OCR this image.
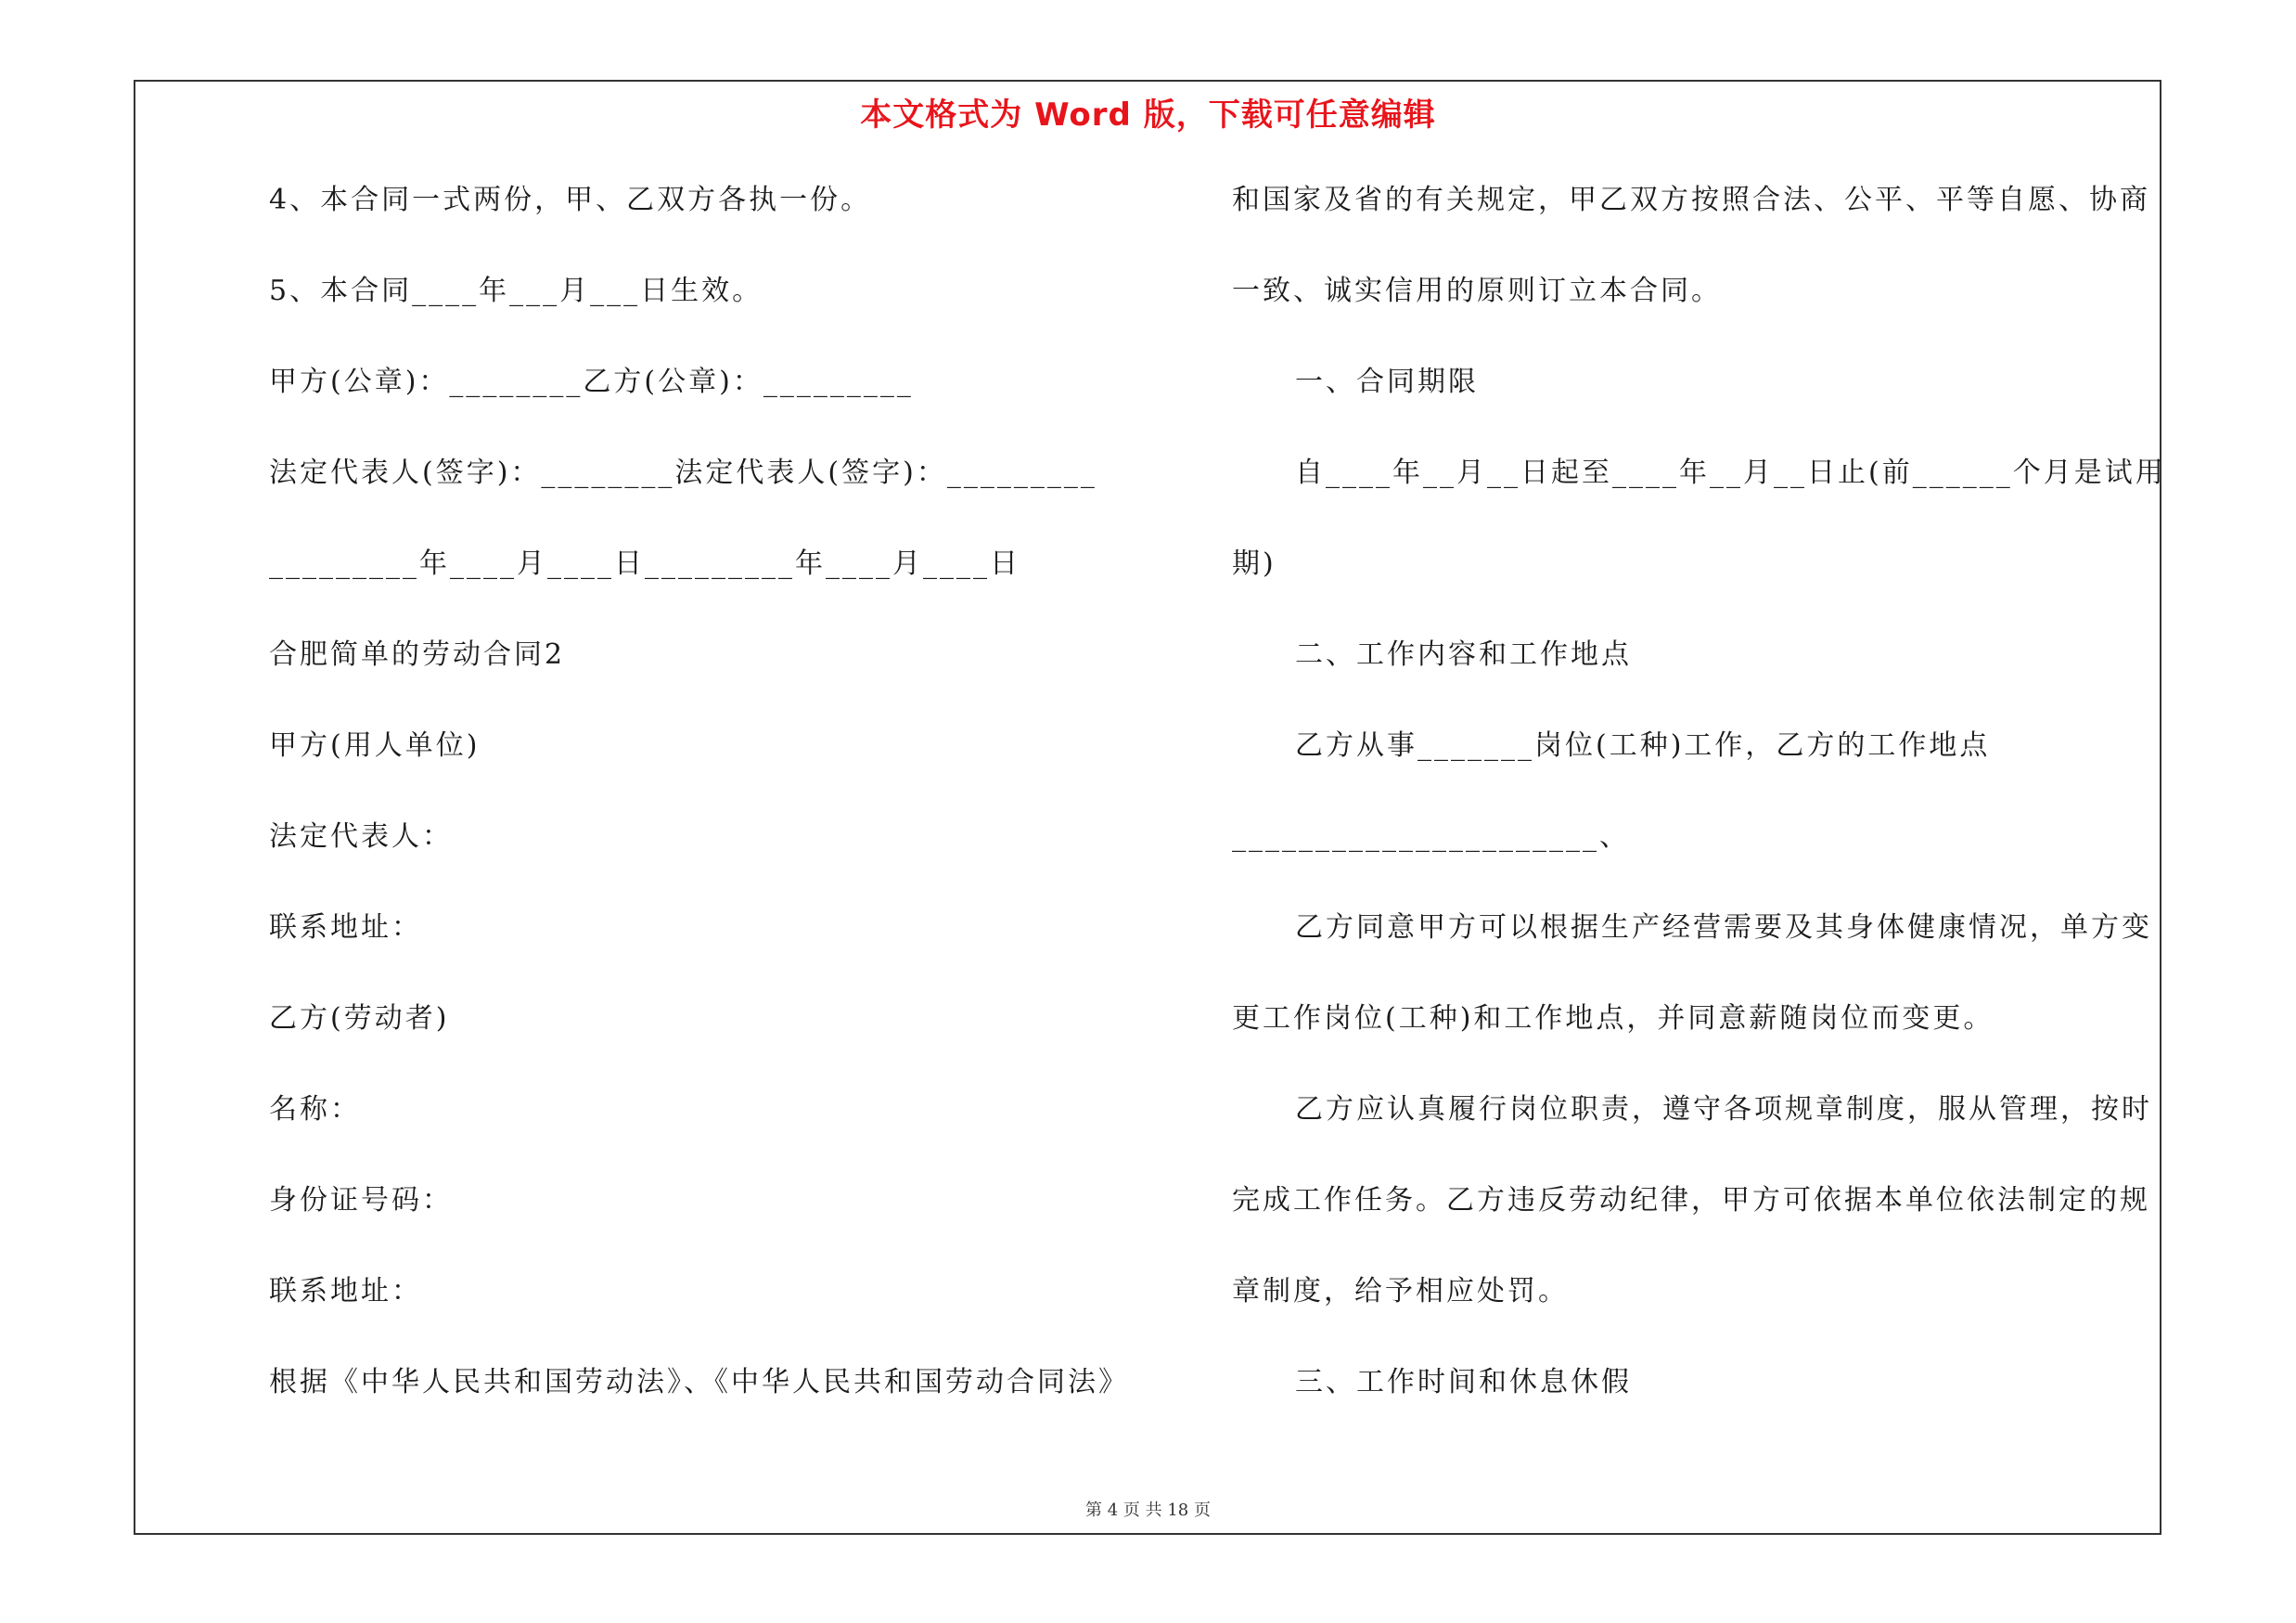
本文格式为 Word 版，下载可任意编辑
4、本合同一式两份，甲、乙双方各执一份。
5、本合同____年___月___日生效。
甲方(公章)：________乙方(公章)：_________
法定代表人(签字)：________法定代表人(签字)：_________
_________年____月____日_________年____月____日
合肥简单的劳动合同2
甲方(用人单位)
法定代表人：
联系地址：
乙方(劳动者)
名称：
身份证号码：
联系地址：
根据《中华人民共和国劳动法》、《中华人民共和国劳动合同法》
和国家及省的有关规定，甲乙双方按照合法、公平、平等自愿、协商
一致、诚实信用的原则订立本合同。
一、合同期限
自____年__月__日起至____年__月__日止(前______个月是试用
期)
二、工作内容和工作地点
乙方从事_______岗位(工种)工作，乙方的工作地点
______________________、
乙方同意甲方可以根据生产经营需要及其身体健康情况，单方变
更工作岗位(工种)和工作地点，并同意薪随岗位而变更。
乙方应认真履行岗位职责，遵守各项规章制度，服从管理，按时
完成工作任务。乙方违反劳动纪律，甲方可依据本单位依法制定的规
章制度，给予相应处罚。
三、工作时间和休息休假
第 4 页 共 18 页
